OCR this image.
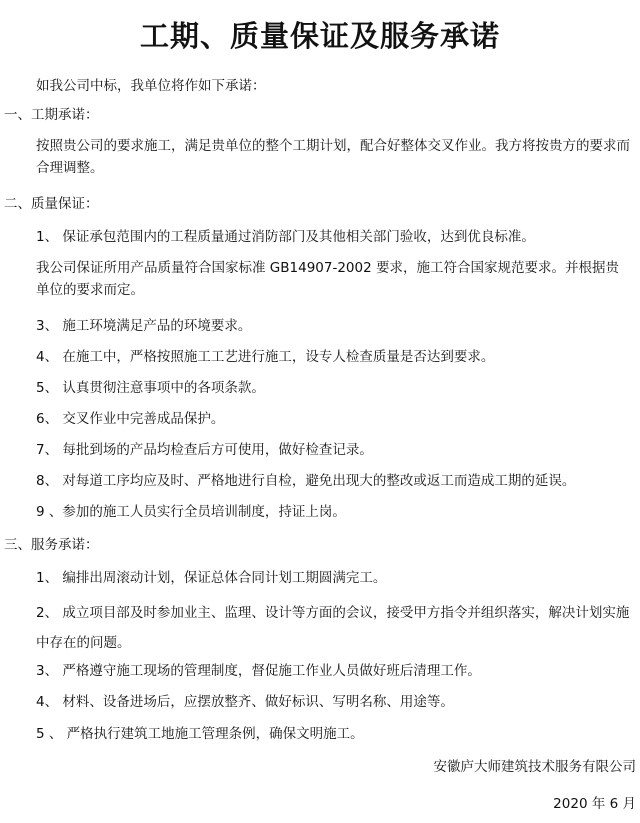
工期、质量保证及服务承诺
如我公司中标，我单位将作如下承诺：
一、工期承诺：
按照贵公司的要求施工，满足贵单位的整个工期计划，配合好整体交叉作业。我方将按贵方的要求而合理调整。
二、质量保证：
1、 保证承包范围内的工程质量通过消防部门及其他相关部门验收，达到优良标准。
我公司保证所用产品质量符合国家标准 GB14907-2002 要求，施工符合国家规范要求。并根据贵单位的要求而定。
3、 施工环境满足产品的环境要求。
4、 在施工中，严格按照施工工艺进行施工，设专人检查质量是否达到要求。
5、 认真贯彻注意事项中的各项条款。
6、 交叉作业中完善成品保护。
7、 每批到场的产品均检查后方可使用，做好检查记录。
8、 对每道工序均应及时、严格地进行自检，避免出现大的整改或返工而造成工期的延误。
9 、参加的施工人员实行全员培训制度，持证上岗。
三、服务承诺：
1、 编排出周滚动计划，保证总体合同计划工期圆满完工。
2、 成立项目部及时参加业主、监理、设计等方面的会议，接受甲方指令并组织落实，解决计划实施中存在的问题。
3、 严格遵守施工现场的管理制度，督促施工作业人员做好班后清理工作。
4、 材料、设备进场后，应摆放整齐、做好标识、写明名称、用途等。
5 、 严格执行建筑工地施工管理条例，确保文明施工。
安徽庐大师建筑技术服务有限公司
2020 年 6 月
